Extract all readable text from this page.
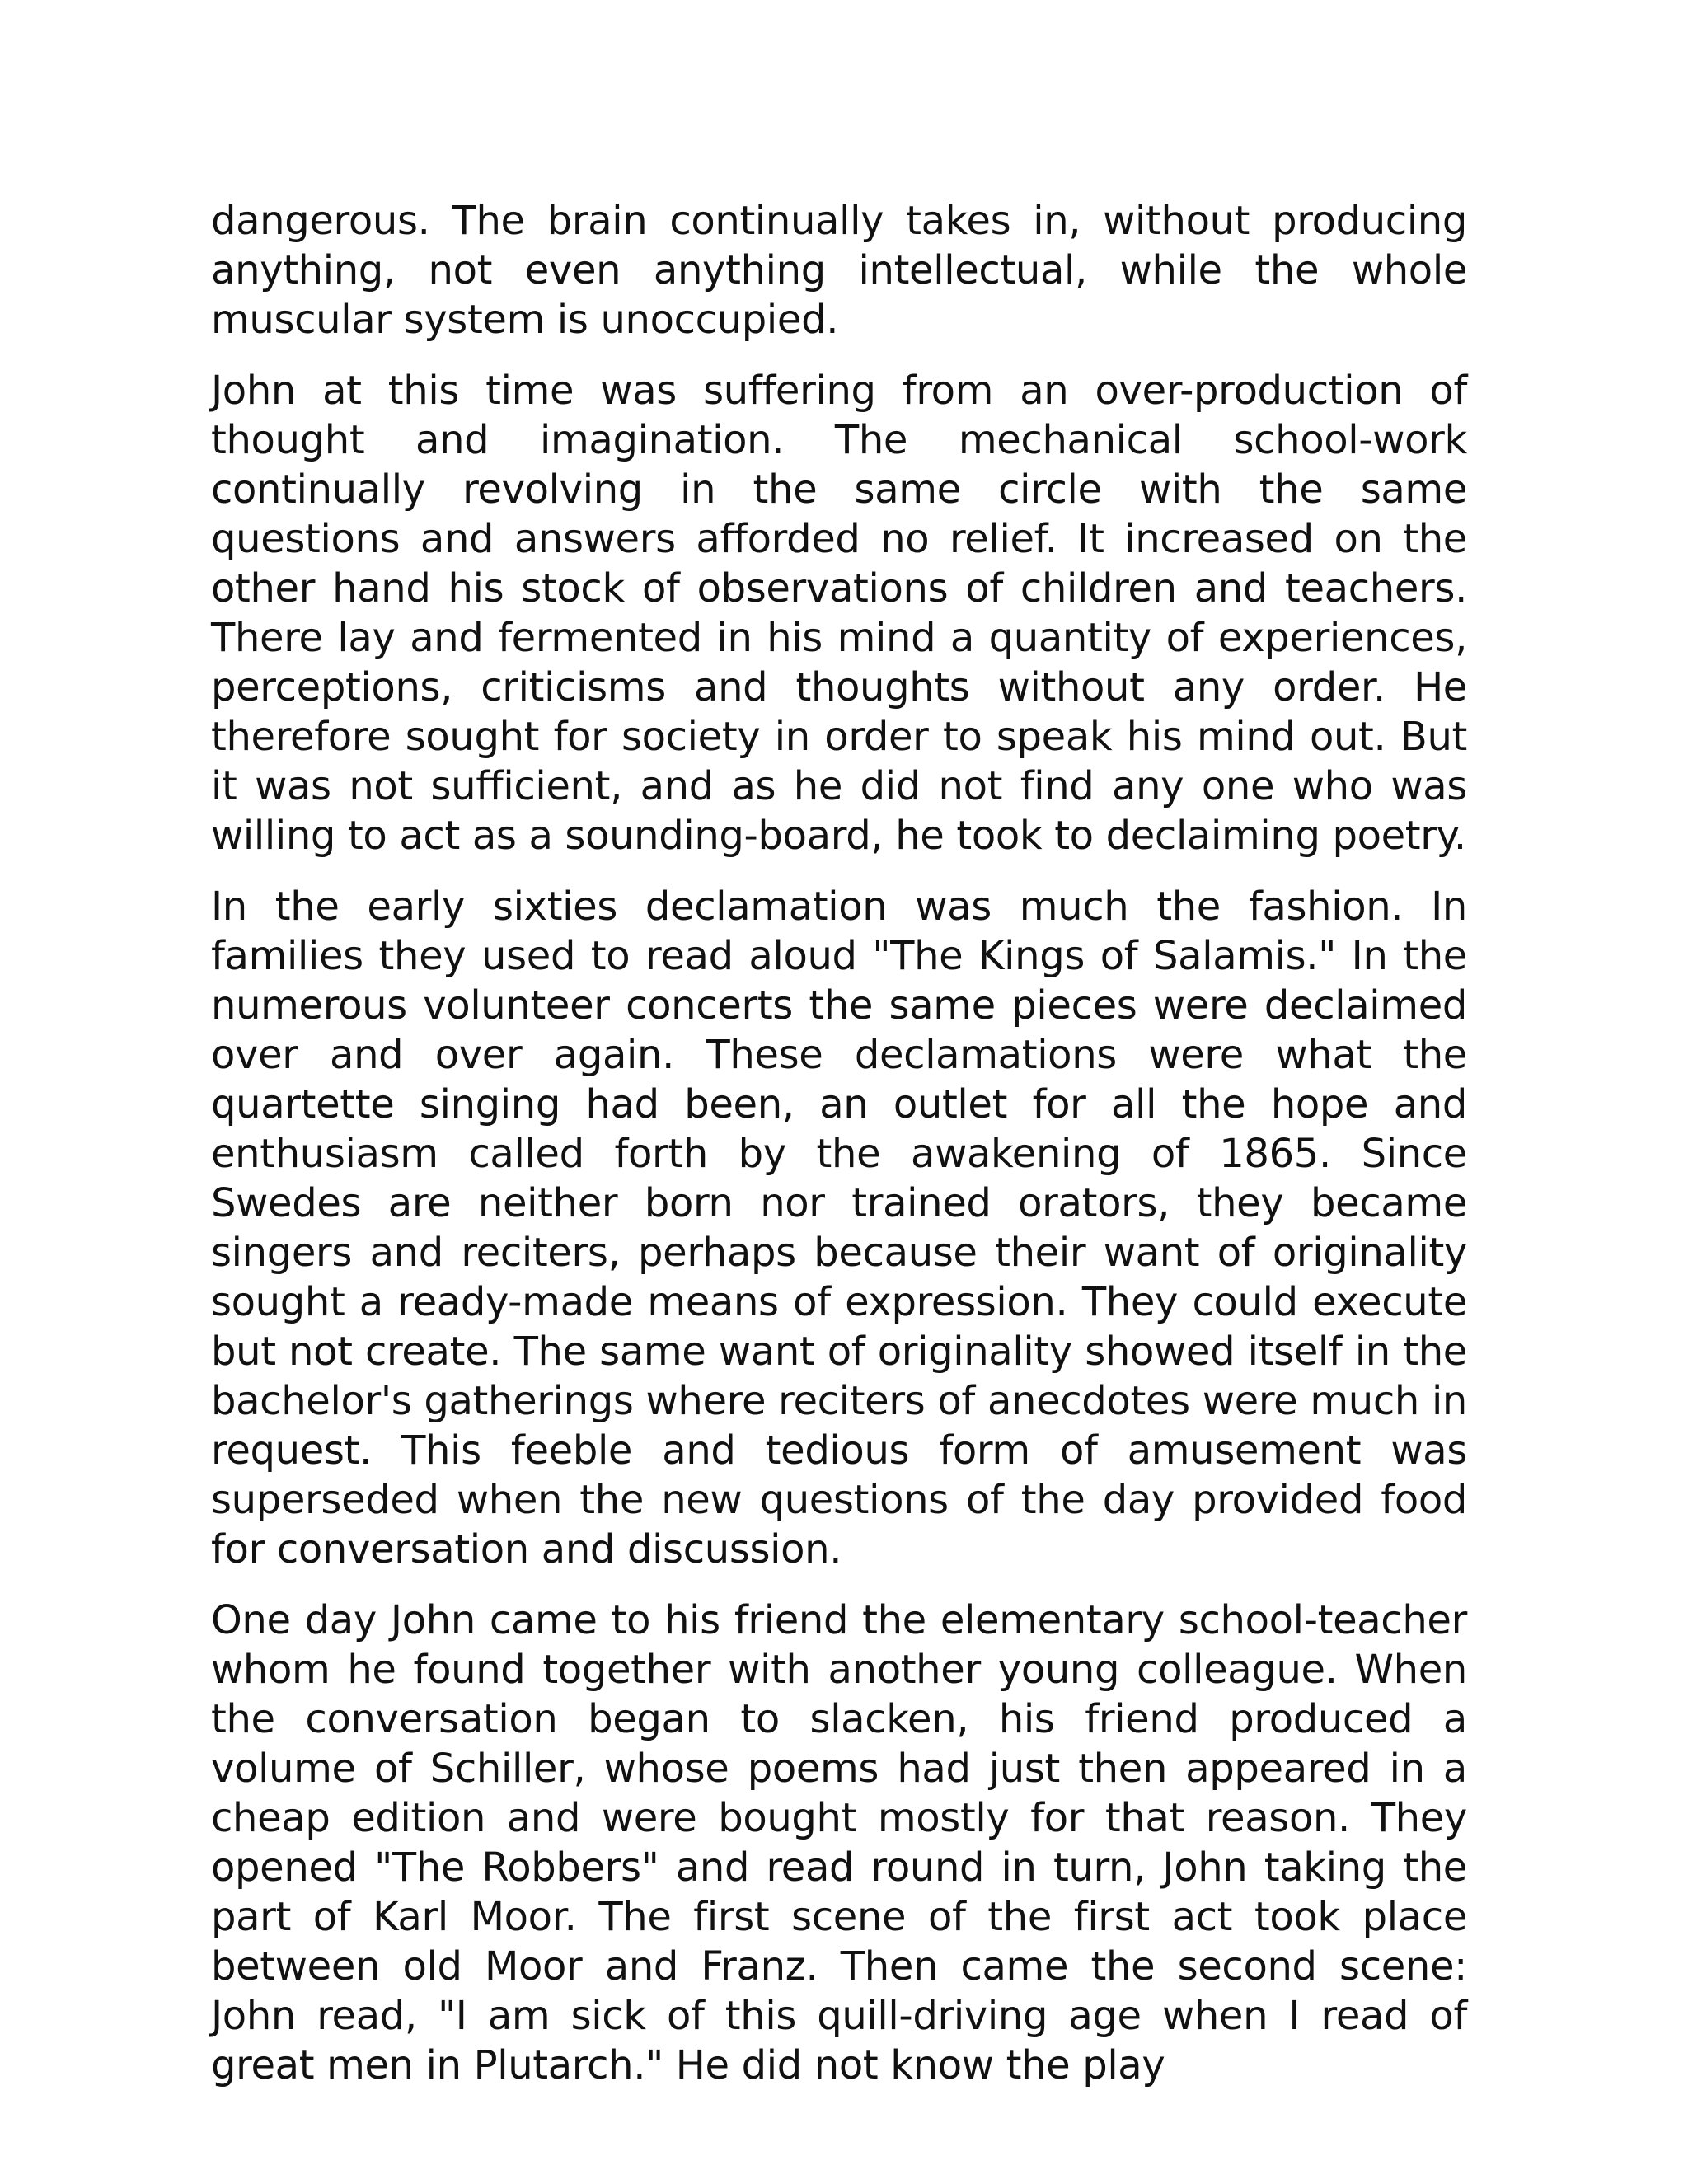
dangerous. The brain continually takes in, without producing anything, not even anything intellectual, while the whole muscular system is unoccupied.

John at this time was suffering from an over-production of thought and imagination. The mechanical school-work continually revolving in the same circle with the same questions and answers afforded no relief. It increased on the other hand his stock of observations of children and teachers. There lay and fermented in his mind a quantity of experiences, perceptions, criticisms and thoughts without any order. He therefore sought for society in order to speak his mind out. But it was not sufficient, and as he did not find any one who was willing to act as a sounding-board, he took to declaiming poetry.

In the early sixties declamation was much the fashion. In families they used to read aloud "The Kings of Salamis." In the numerous volunteer concerts the same pieces were declaimed over and over again. These declamations were what the quartette singing had been, an outlet for all the hope and enthusiasm called forth by the awakening of 1865. Since Swedes are neither born nor trained orators, they became singers and reciters, perhaps because their want of originality sought a ready-made means of expression. They could execute but not create. The same want of originality showed itself in the bachelor's gatherings where reciters of anecdotes were much in request. This feeble and tedious form of amusement was superseded when the new questions of the day provided food for conversation and discussion.

One day John came to his friend the elementary school-teacher whom he found together with another young colleague. When the conversation began to slacken, his friend produced a volume of Schiller, whose poems had just then appeared in a cheap edition and were bought mostly for that reason. They opened "The Robbers" and read round in turn, John taking the part of Karl Moor. The first scene of the first act took place between old Moor and Franz. Then came the second scene: John read, "I am sick of this quill-driving age when I read of great men in Plutarch." He did not know the play
